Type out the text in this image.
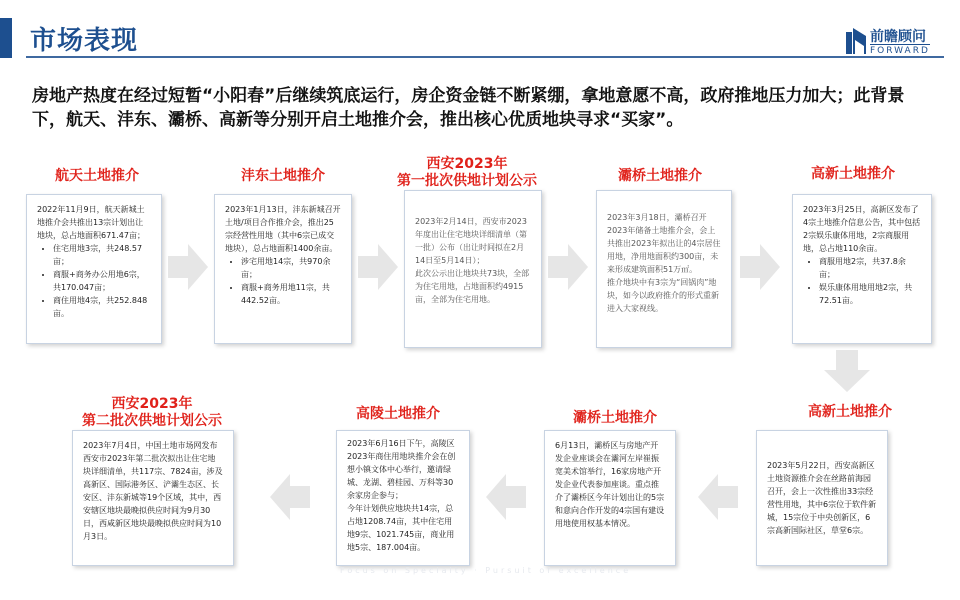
市场表现	前瞻顾问
FORWARD
房地产热度在经过短暂“小阳春”后继续筑底运行，房企资金链不断紧绷，拿地意愿不高，政府推地压力加大；此背景下，航天、沣东、灞桥、高新等分别开启土地推介会，推出核心优质地块寻求“买家”。
航天土地推介	沣东土地推介
西安2023年
第一批次供地计划公示	灞桥土地推介	高新土地推介

2022年11月9日，航天新城土地推介会共推出13宗计划出让地块，总占地面积671.47亩；

• 住宅用地3宗，共248.57亩；
• 商服+商务办公用地6宗，共170.047亩；
• 商住用地4宗，共252.848亩。

2023年1月13日，沣东新城召开土地/项目合作推介会，推出25宗经营性用地（其中6宗已成交地块），总占地面积1400余亩。

• 涉宅用地14宗，共970余亩；
• 商服+商务用地11宗，共442.52亩。

2023年2月14日，西安市2023年度出让住宅地块详细清单（第一批）公布（出让时间拟在2月14日至5月14日）；

此次公示出让地块共73块，全部为住宅用地，占地面积约4915亩，全部为住宅用地。

2023年3月18日，灞桥召开2023年储备土地推介会，会上共推出2023年拟出让的4宗居住用地，净用地面积约300亩，未来形成建筑面积51万㎡。

推介地块中有3宗为“回锅肉”地块，如今以政府推介的形式重新进入大家视线。

2023年3月25日，高新区发布了4宗土地推介信息公告，其中包括2宗娱乐康体用地，2宗商服用地，总占地110余亩。

• 商服用地2宗，共37.8余亩；
• 娱乐康体用地用地2宗，共72.51亩。
西安2023年
第二批次供地计划公示	高陵土地推介	灞桥土地推介	高新土地推介

2023年7月4日，中国土地市场网发布西安市2023年第二批次拟出让住宅地块详细清单，共117宗、7824亩，涉及高新区、国际港务区、浐灞生态区、长安区、沣东新城等19个区域，其中，西安辖区地块最晚拟供应时间为9月30日，西咸新区地块最晚拟供应时间为10月3日。

2023年6月16日下午，高陵区2023年商住用地块推介会在创想小镇文体中心举行，邀请绿城、龙湖、碧桂园、万科等30余家房企参与；

今年计划供应地块共14宗，总占地1208.74亩，其中住宅用地9宗、1021.745亩，商业用地5宗、187.004亩。

6月13日，灞桥区与房地产开发企业座谈会在灞河左岸崔振宽美术馆举行，16家房地产开发企业代表参加座谈。重点推介了灞桥区今年计划出让的5宗和意向合作开发的4宗国有建设用地使用权基本情况。

2023年5月22日，西安高新区土地资源推介会在丝路前海园召开，会上一次性推出33宗经营性用地，其中6宗位于软件新城，15宗位于中央创新区，6宗高新国际社区，草堂6宗。

Focus on Specialty · Pursuit of excellence
